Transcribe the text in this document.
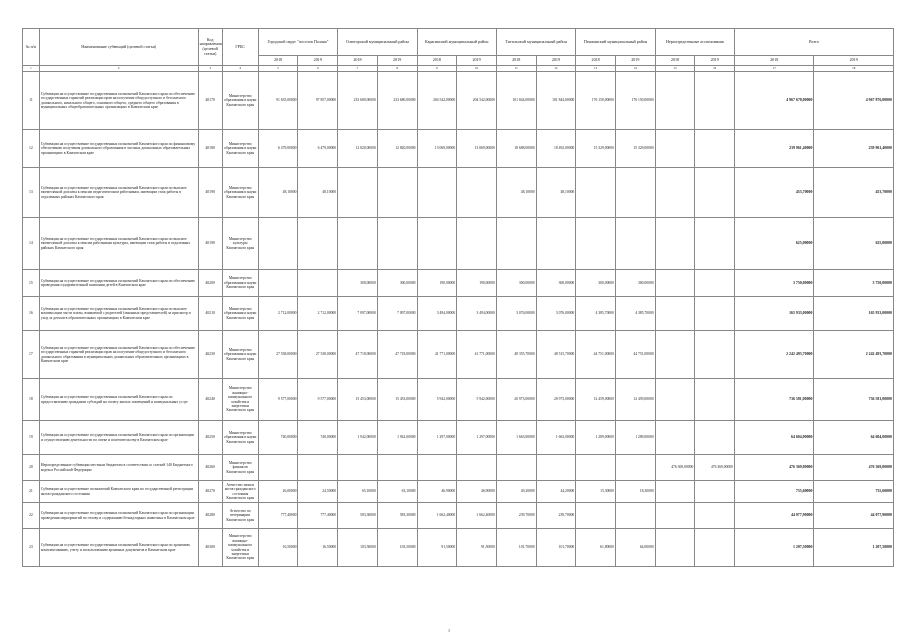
№ п/п	Наименование субвенций (целевой статьи)	Код направления (целевой статьи)	ГРБС	Городской округ "поселок Палана"		Олюторский муниципальный район		Карагинский муниципальный район		Тигильский муниципальный район		Пенжинский муниципальный район		Нераспределенные ассигнования		Всего	
				2018	2019	2018	2019	2018	2019	2018	2019	2018	2019	2018	2019	2018	2019
1	2	3	4	5	6	7	8	9	10	11	12	13	14	15	16	17	18
11	Субвенции на осуществление государственных полномочий Камчатского края по обеспечению государственных гарантий реализации прав на получение общедоступного и бесплатного дошкольного, начального общего, основного общего, среднего общего образования в муниципальных общеобразовательных организациях в Камчатском крае	40170	Министерство образования и науки Камчатского края	91 635,00000	97 857,00000	233 680,00000	233 680,00000	204 542,00000	204 542,00000	101 844,00000	101 844,00000	176 150,00000	176 150,00000			4 967 678,00000	4 967 876,00000
12	Субвенции на осуществление государственных полномочий Камчатского края по финансовому обеспечению получения дошкольного образования в частных дошкольных образовательных организациях в Камчатском крае	40180	Министерство образования и науки Камчатского края	6 479,00000	6 479,00000	12 820,00000	12 820,00000	13 069,00000	13 069,00000	18 688,00000	18 492,00000	15 329,00000	15 329,00000			239 961,40000	239 961,40000
13	Субвенции на осуществление государственных полномочий Камчатского края по выплате ежемесячной доплаты к пенсии педагогическим работникам, имеющим стаж работы в отдаленных районах Камчатского края	40190	Министерство образования и науки Камчатского края	48,10000	48,10000					48,10000	48,10000					453,70000	453,70000
14	Субвенции на осуществление государственных полномочий Камчатского края по выплате ежемесячной доплаты к пенсии работникам культуры, имеющим стаж работы в отдаленных районах Камчатского края	40190	Министерство культуры Камчатского края													625,00000	625,00000
15	Субвенции на осуществление государственных полномочий Камчатского края по обеспечению проведения оздоровительной кампании детей в Камчатском крае	40200	Министерство образования и науки Камчатского края			300,00000	300,00000	190,00000	190,00000	300,00000	300,00000	300,00000	300,00000			3 750,00000	3 750,00000
16	Субвенции на осуществление государственных полномочий Камчатского края по выплате компенсации части платы, взимаемой с родителей (законных представителей) за присмотр и уход за детьми в образовательных организациях в Камчатском крае	40210	Министерство образования и науки Камчатского края	2 712,00000	2 712,00000	7 097,00000	7 097,00000	3 494,00000	3 494,00000	3 076,00000	3 076,00000	4 385,70000	4 385,70000			165 933,00000	165 933,00000
17	Субвенции на осуществление государственных полномочий Камчатского края по обеспечению государственных гарантий реализации прав на получение общедоступного и бесплатного дошкольного образования в муниципальных дошкольных образовательных организациях в Камчатском крае	40230	Министерство образования и науки Камчатского края	27 538,00000	27 538,00000	47 718,00000	47 718,00000	41 771,00000	41 771,00000	48 355,70000	48 515,70000	44 751,00000	44 751,00000			2 242 493,70000	2 242 493,70000
18	Субвенции на осуществление государственных полномочий Камчатского края по предоставлению гражданам субсидий на оплату жилых помещений и коммунальных услуг	40240	Министерство жилищно-коммунального хозяйства и энергетики Камчатского края	9 577,00000	9 577,00000	15 453,00000	15 453,00000	5 942,00000	5 942,00000	20 973,00000	20 973,00000	12 459,00000	12 459,00000			736 581,00000	736 581,00000
19	Субвенции на осуществление государственных полномочий Камчатского края по организации и осуществлению деятельности по опеке и попечительству в Камчатском крае	40250	Министерство образования и науки Камчатского края	740,00000	740,00000	1 942,00000	1 942,00000	1 297,00000	1 297,00000	1 663,00000	1 663,00000	1 289,00000	1 289,00000			64 604,00000	64 604,00000
20	Нераспределенные субвенции местным бюджетам в соответствии со статьей 140 Бюджетного кодекса Российской Федерации	40260	Министерство финансов Камчатского края											476 369,00000	476 369,00000	476 369,00000	476 369,00000
21	Субвенции на осуществление полномочий Камчатского края по государственной регистрации актов гражданского состояния	40270	Агентство записи актов гражданского состояния Камчатского края	26,00000	24,50000	65,10000	63,10000	46,90000	46,90000	49,20000	44,20000	15,30000	18,30000			735,60000	735,60000
22	Субвенции на осуществление государственных полномочий Камчатского края по организации проведения мероприятий по отлову и содержанию безнадзорных животных в Камчатском крае	40280	Агентство по ветеринарии Камчатского края	777,40000	777,40000	583,30000	583,30000	1 662,40000	1 662,40000	239,70000	239,70000					44 077,90000	44 077,90000
23	Субвенции на осуществление государственных полномочий Камчатского края по хранению, комплектованию, учету и использованию архивных документов в Камчатском крае	40300	Министерство жилищно-коммунального хозяйства и энергетики Камчатского края	16,50000	16,50000	103,50000	103,50000	91,50000	91,50000	101,70000	101,70000	61,80000	64,00000			1 207,50000	1 207,50000
1
